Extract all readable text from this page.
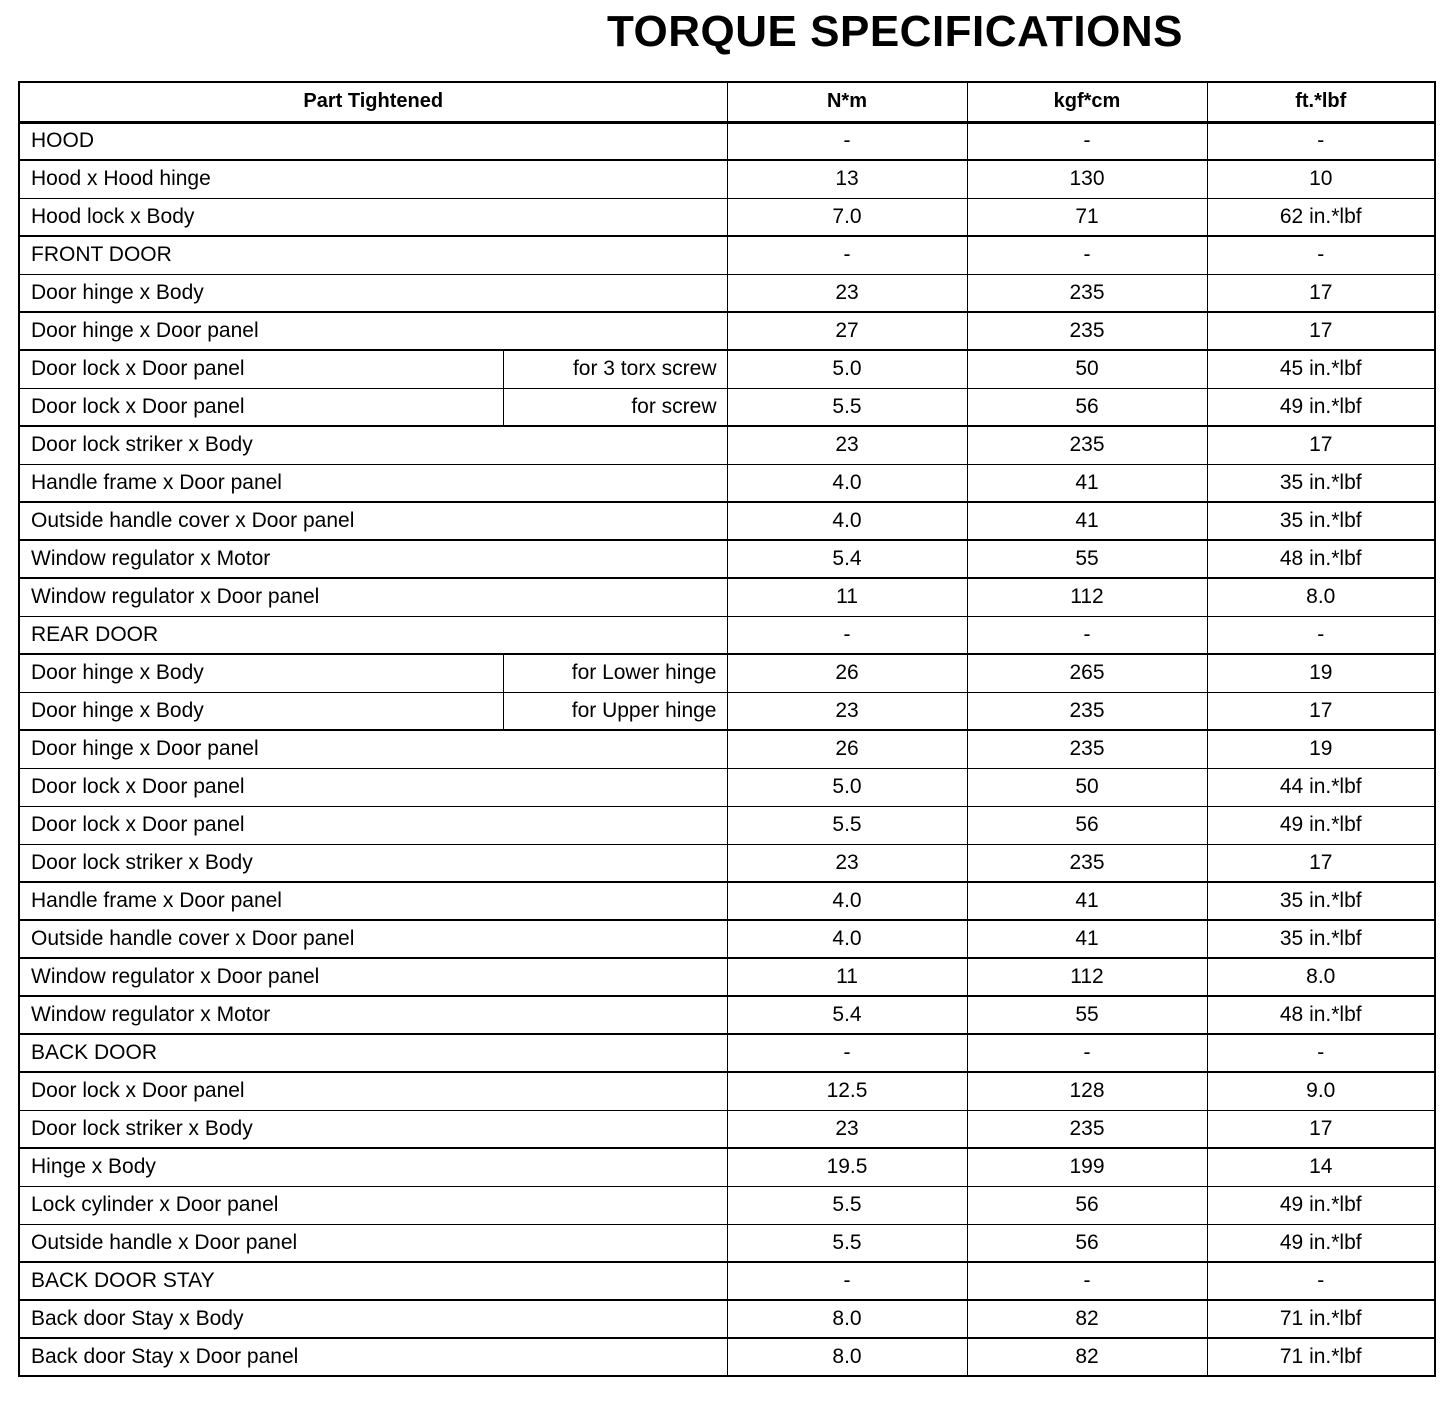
TORQUE SPECIFICATIONS
Part Tightened	N*m	kgf*cm	ft.*lbf
HOOD	-	-	-
Hood x Hood hinge	13	130	10
Hood lock x Body	7.0	71	62 in.*lbf
FRONT DOOR	-	-	-
Door hinge x Body	23	235	17
Door hinge x Door panel	27	235	17

Door lock x Door panel for 3 torx screw	5.0	50	45 in.*lbf

Door lock x Door panel for screw	5.5	56	49 in.*lbf
Door lock striker x Body	23	235	17
Handle frame x Door panel	4.0	41	35 in.*lbf
Outside handle cover x Door panel	4.0	41	35 in.*lbf
Window regulator x Motor	5.4	55	48 in.*lbf
Window regulator x Door panel	11	112	8.0
REAR DOOR	-	-	-

Door hinge x Body for Lower hinge	26	265	19

Door hinge x Body for Upper hinge	23	235	17
Door hinge x Door panel	26	235	19
Door lock x Door panel	5.0	50	44 in.*lbf
Door lock x Door panel	5.5	56	49 in.*lbf
Door lock striker x Body	23	235	17
Handle frame x Door panel	4.0	41	35 in.*lbf
Outside handle cover x Door panel	4.0	41	35 in.*lbf
Window regulator x Door panel	11	112	8.0
Window regulator x Motor	5.4	55	48 in.*lbf
BACK DOOR	-	-	-
Door lock x Door panel	12.5	128	9.0
Door lock striker x Body	23	235	17
Hinge x Body	19.5	199	14
Lock cylinder x Door panel	5.5	56	49 in.*lbf
Outside handle x Door panel	5.5	56	49 in.*lbf
BACK DOOR STAY	-	-	-
Back door Stay x Body	8.0	82	71 in.*lbf
Back door Stay x Door panel	8.0	82	71 in.*lbf
